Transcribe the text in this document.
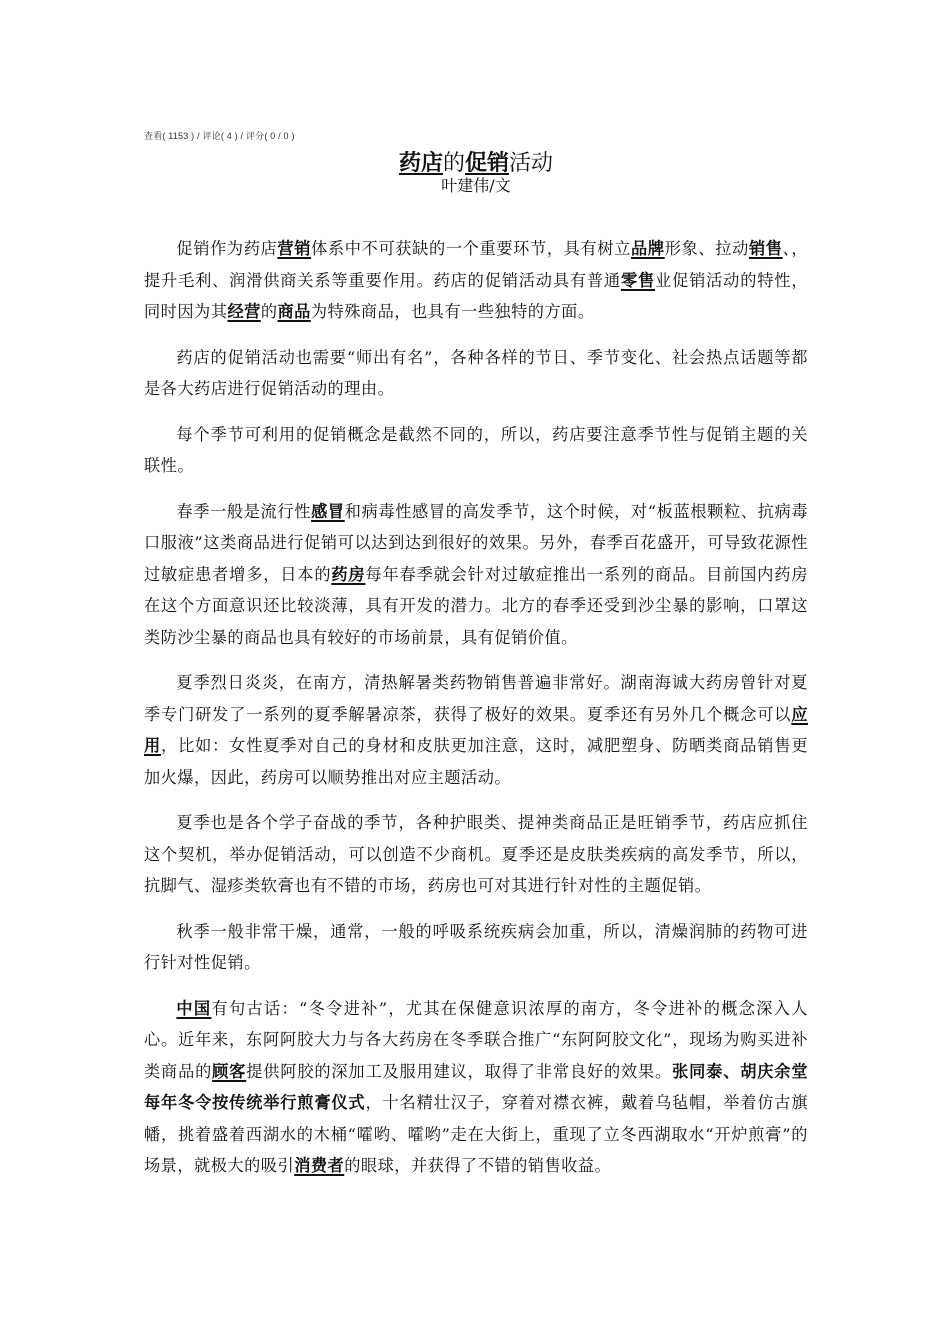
查看( 1153 ) / 评论( 4 ) / 评分( 0 / 0 )
药店的促销活动
叶建伟/文

促销作为药店营销体系中不可获缺的一个重要环节，具有树立品牌形象、拉动销售、，提升毛利、润滑供商关系等重要作用。药店的促销活动具有普通零售业促销活动的特性，同时因为其经营的商品为特殊商品，也具有一些独特的方面。

药店的促销活动也需要“师出有名”，各种各样的节日、季节变化、社会热点话题等都是各大药店进行促销活动的理由。

每个季节可利用的促销概念是截然不同的，所以，药店要注意季节性与促销主题的关联性。

春季一般是流行性感冒和病毒性感冒的高发季节，这个时候，对“板蓝根颗粒、抗病毒口服液”这类商品进行促销可以达到达到很好的效果。另外，春季百花盛开，可导致花源性过敏症患者增多，日本的药房每年春季就会针对过敏症推出一系列的商品。目前国内药房在这个方面意识还比较淡薄，具有开发的潜力。北方的春季还受到沙尘暴的影响，口罩这类防沙尘暴的商品也具有较好的市场前景，具有促销价值。

夏季烈日炎炎，在南方，清热解暑类药物销售普遍非常好。湖南海诚大药房曾针对夏季专门研发了一系列的夏季解暑凉茶，获得了极好的效果。夏季还有另外几个概念可以应用，比如：女性夏季对自己的身材和皮肤更加注意，这时，减肥塑身、防晒类商品销售更加火爆，因此，药房可以顺势推出对应主题活动。

夏季也是各个学子奋战的季节，各种护眼类、提神类商品正是旺销季节，药店应抓住这个契机，举办促销活动，可以创造不少商机。夏季还是皮肤类疾病的高发季节，所以，抗脚气、湿疹类软膏也有不错的市场，药房也可对其进行针对性的主题促销。

秋季一般非常干燥，通常，一般的呼吸系统疾病会加重，所以，清燥润肺的药物可进行针对性促销。

中国有句古话：“冬令进补”，尤其在保健意识浓厚的南方，冬令进补的概念深入人心。近年来，东阿阿胶大力与各大药房在冬季联合推广“东阿阿胶文化”，现场为购买进补类商品的顾客提供阿胶的深加工及服用建议，取得了非常良好的效果。张同泰、胡庆余堂每年冬令按传统举行煎膏仪式，十名精壮汉子，穿着对襟衣裤，戴着乌毡帽，举着仿古旗幡，挑着盛着西湖水的木桶“嚯哟、嚯哟”走在大街上，重现了立冬西湖取水“开炉煎膏”的场景，就极大的吸引消费者的眼球，并获得了不错的销售收益。
